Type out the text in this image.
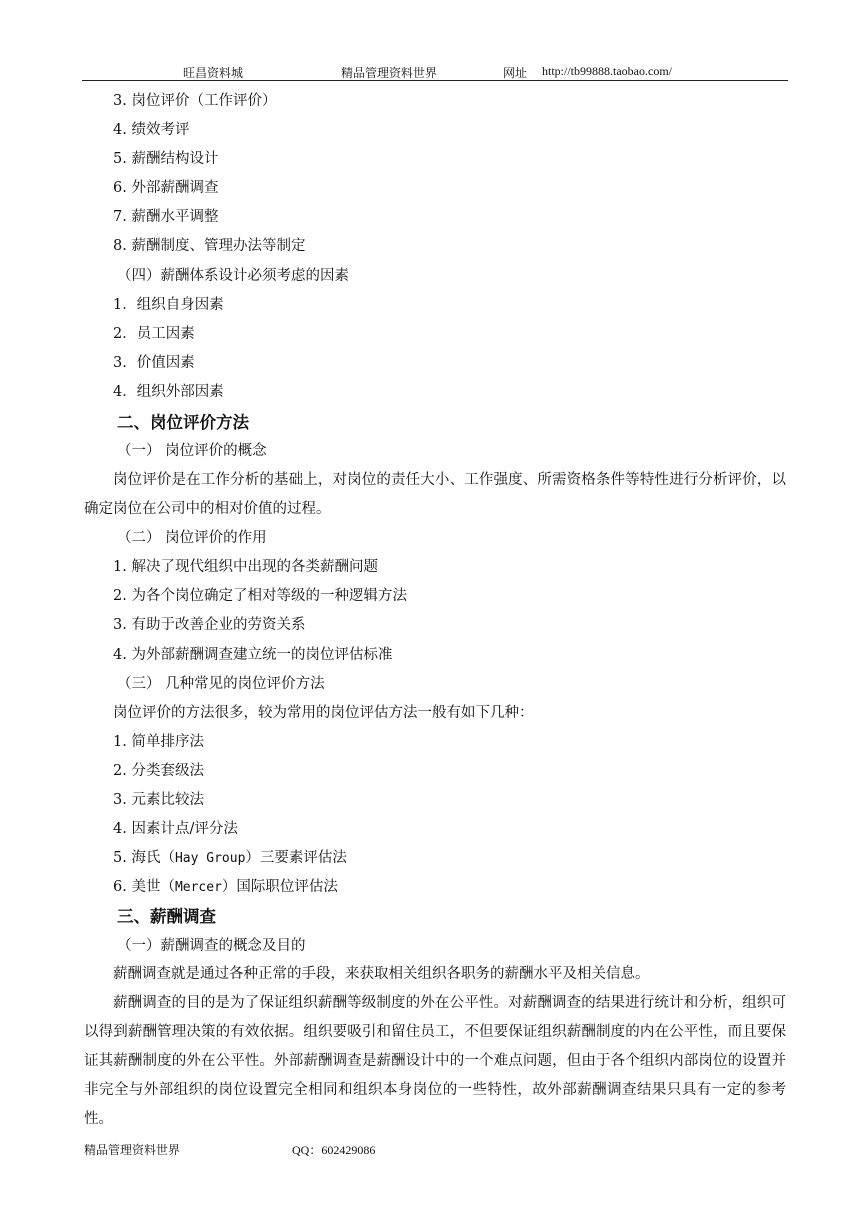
旺昌资料城	精品管理资料世界	网址 http://tb99888.taobao.com/
3. 岗位评价（工作评价）
4. 绩效考评
5. 薪酬结构设计
6. 外部薪酬调查
7. 薪酬水平调整
8. 薪酬制度、管理办法等制定
（四）薪酬体系设计必须考虑的因素
1．组织自身因素
2．员工因素
3．价值因素
4．组织外部因素
二、岗位评价方法
（一） 岗位评价的概念
岗位评价是在工作分析的基础上，对岗位的责任大小、工作强度、所需资格条件等特性进行分析评价，以确定岗位在公司中的相对价值的过程。
（二） 岗位评价的作用
1. 解决了现代组织中出现的各类薪酬问题
2. 为各个岗位确定了相对等级的一种逻辑方法
3. 有助于改善企业的劳资关系
4. 为外部薪酬调查建立统一的岗位评估标准
（三） 几种常见的岗位评价方法
岗位评价的方法很多，较为常用的岗位评估方法一般有如下几种：
1. 简单排序法
2. 分类套级法
3. 元素比较法
4. 因素计点/评分法
5. 海氏（Hay Group）三要素评估法
6. 美世（Mercer）国际职位评估法
三、薪酬调查
（一）薪酬调查的概念及目的
薪酬调查就是通过各种正常的手段，来获取相关组织各职务的薪酬水平及相关信息。
薪酬调查的目的是为了保证组织薪酬等级制度的外在公平性。对薪酬调查的结果进行统计和分析，组织可以得到薪酬管理决策的有效依据。组织要吸引和留住员工，不但要保证组织薪酬制度的内在公平性，而且要保证其薪酬制度的外在公平性。外部薪酬调查是薪酬设计中的一个难点问题，但由于各个组织内部岗位的设置并非完全与外部组织的岗位设置完全相同和组织本身岗位的一些特性，故外部薪酬调查结果只具有一定的参考性。
精品管理资料世界	QQ：602429086
